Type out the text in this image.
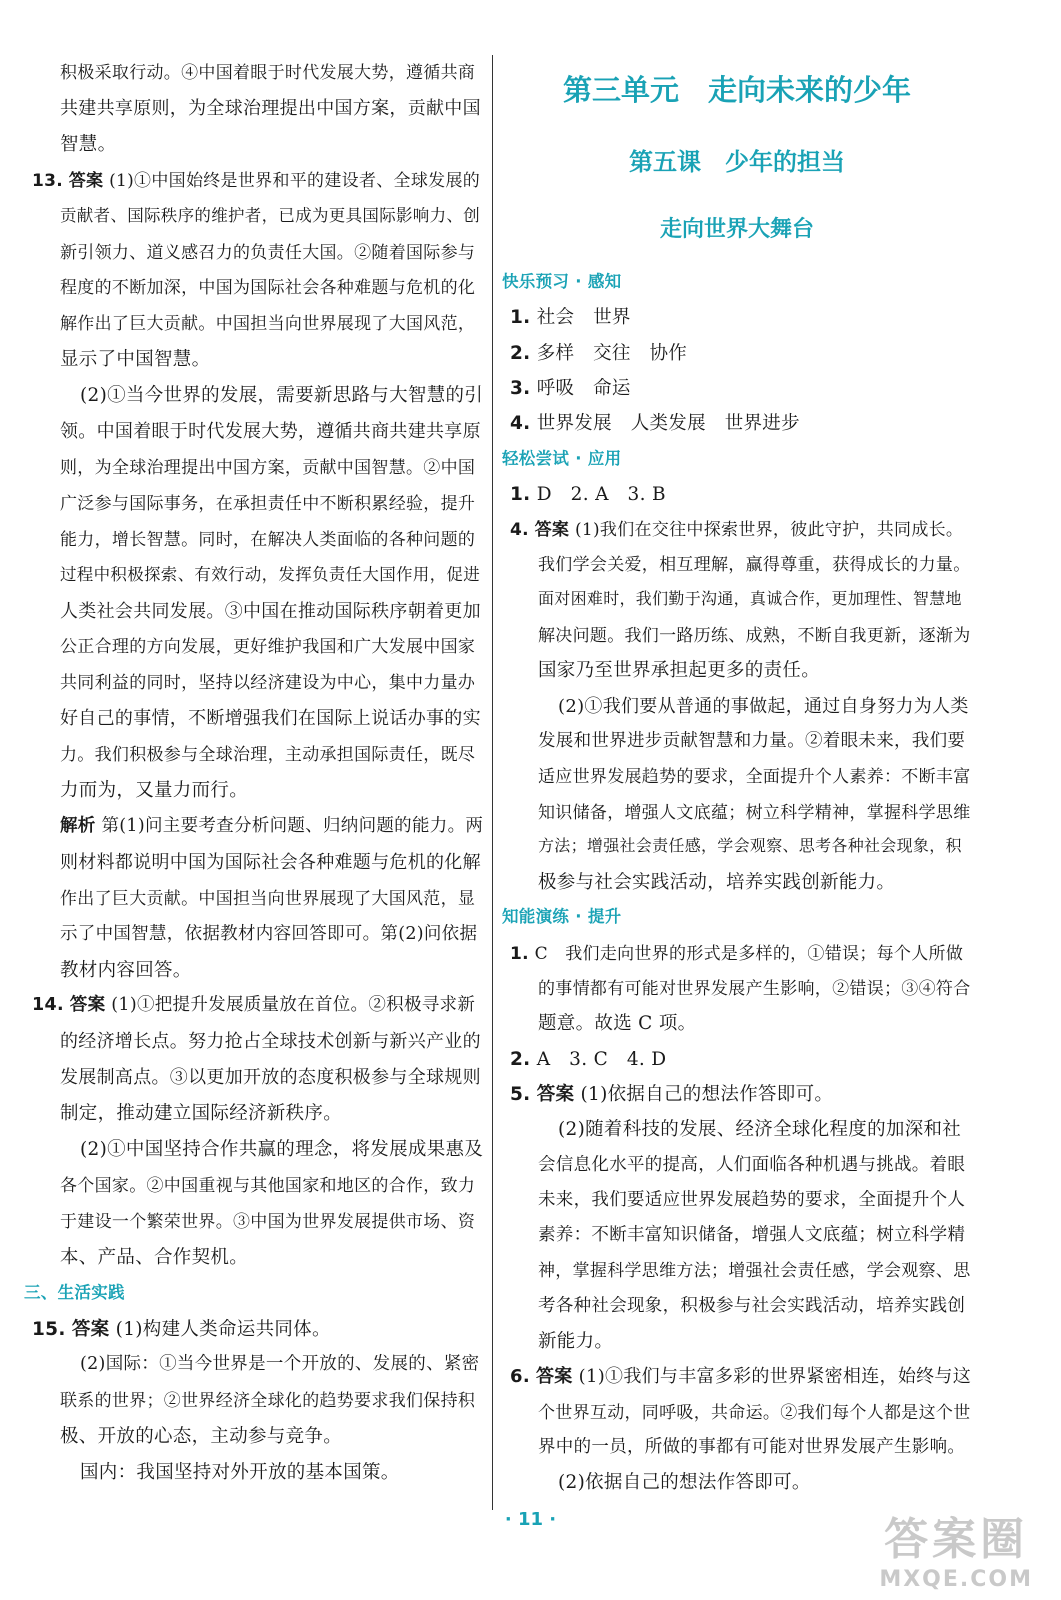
积极采取行动。④中国着眼于时代发展大势，遵循共商
共建共享原则，为全球治理提出中国方案，贡献中国
智慧。
13. 答案 (1)①中国始终是世界和平的建设者、全球发展的
贡献者、国际秩序的维护者，已成为更具国际影响力、创
新引领力、道义感召力的负责任大国。②随着国际参与
程度的不断加深，中国为国际社会各种难题与危机的化
解作出了巨大贡献。中国担当向世界展现了大国风范，
显示了中国智慧。
(2)①当今世界的发展，需要新思路与大智慧的引
领。中国着眼于时代发展大势，遵循共商共建共享原
则，为全球治理提出中国方案，贡献中国智慧。②中国
广泛参与国际事务，在承担责任中不断积累经验，提升
能力，增长智慧。同时，在解决人类面临的各种问题的
过程中积极探索、有效行动，发挥负责任大国作用，促进
人类社会共同发展。③中国在推动国际秩序朝着更加
公正合理的方向发展，更好维护我国和广大发展中国家
共同利益的同时，坚持以经济建设为中心，集中力量办
好自己的事情，不断增强我们在国际上说话办事的实
力。我们积极参与全球治理，主动承担国际责任，既尽
力而为，又量力而行。
解析 第(1)问主要考查分析问题、归纳问题的能力。两
则材料都说明中国为国际社会各种难题与危机的化解
作出了巨大贡献。中国担当向世界展现了大国风范，显
示了中国智慧，依据教材内容回答即可。第(2)问依据
教材内容回答。
14. 答案 (1)①把提升发展质量放在首位。②积极寻求新
的经济增长点。努力抢占全球技术创新与新兴产业的
发展制高点。③以更加开放的态度积极参与全球规则
制定，推动建立国际经济新秩序。
(2)①中国坚持合作共赢的理念，将发展成果惠及
各个国家。②中国重视与其他国家和地区的合作，致力
于建设一个繁荣世界。③中国为世界发展提供市场、资
本、产品、合作契机。
三、生活实践
15. 答案 (1)构建人类命运共同体。
(2)国际：①当今世界是一个开放的、发展的、紧密
联系的世界；②世界经济全球化的趋势要求我们保持积
极、开放的心态，主动参与竞争。
国内：我国坚持对外开放的基本国策。
第三单元　走向未来的少年
第五课　少年的担当
走向世界大舞台
快乐预习 · 感知
1. 社会　世界
2. 多样　交往　协作
3. 呼吸　命运
4. 世界发展　人类发展　世界进步
轻松尝试 · 应用
1. D　2. A　3. B
4. 答案 (1)我们在交往中探索世界，彼此守护，共同成长。
我们学会关爱，相互理解，赢得尊重，获得成长的力量。
面对困难时，我们勤于沟通，真诚合作，更加理性、智慧地
解决问题。我们一路历练、成熟，不断自我更新，逐渐为
国家乃至世界承担起更多的责任。
(2)①我们要从普通的事做起，通过自身努力为人类
发展和世界进步贡献智慧和力量。②着眼未来，我们要
适应世界发展趋势的要求，全面提升个人素养：不断丰富
知识储备，增强人文底蕴；树立科学精神，掌握科学思维
方法；增强社会责任感，学会观察、思考各种社会现象，积
极参与社会实践活动，培养实践创新能力。
知能演练 · 提升
1. C　我们走向世界的形式是多样的，①错误；每个人所做
的事情都有可能对世界发展产生影响，②错误；③④符合
题意。故选 C 项。
2. A　3. C　4. D
5. 答案 (1)依据自己的想法作答即可。
(2)随着科技的发展、经济全球化程度的加深和社
会信息化水平的提高，人们面临各种机遇与挑战。着眼
未来，我们要适应世界发展趋势的要求，全面提升个人
素养：不断丰富知识储备，增强人文底蕴；树立科学精
神，掌握科学思维方法；增强社会责任感，学会观察、思
考各种社会现象，积极参与社会实践活动，培养实践创
新能力。
6. 答案 (1)①我们与丰富多彩的世界紧密相连，始终与这
个世界互动，同呼吸，共命运。②我们每个人都是这个世
界中的一员，所做的事都有可能对世界发展产生影响。
(2)依据自己的想法作答即可。
· 11 ·	答案圈
MXQE.COM
